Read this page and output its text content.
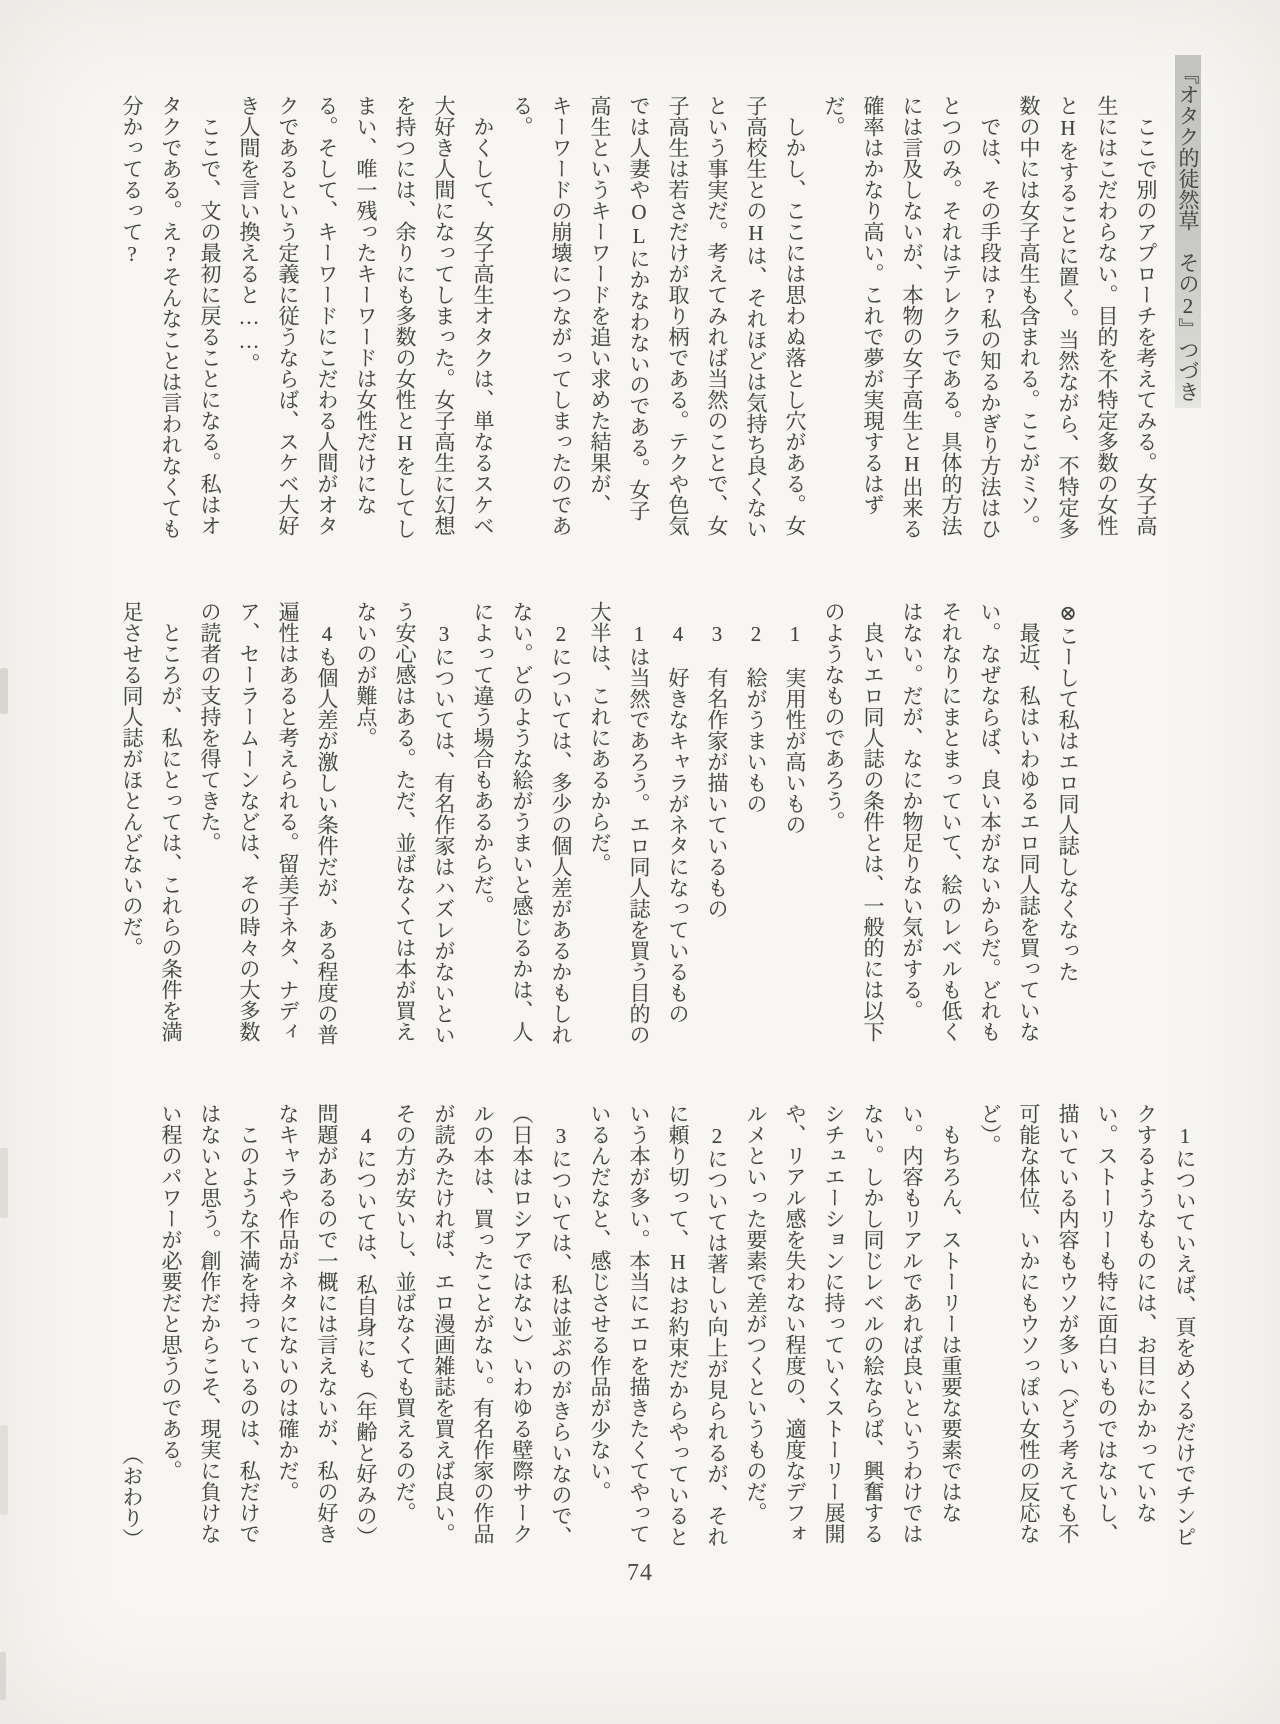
『オタク的徒然草　その2』つづき

ここで別のアプローチを考えてみる。女子高生にはこだわらない。目的を不特定多数の女性とHをすることに置く。当然ながら、不特定多数の中には女子高生も含まれる。ここがミソ。

では、その手段は?私の知るかぎり方法はひとつのみ。それはテレクラである。具体的方法には言及しないが、本物の女子高生とH出来る確率はかなり高い。これで夢が実現するはずだ。

しかし、ここには思わぬ落とし穴がある。女子高校生とのHは、それほどは気持ち良くないという事実だ。考えてみれば当然のことで、女子高生は若さだけが取り柄である。テクや色気では人妻やOLにかなわないのである。女子高生というキーワードを追い求めた結果が、キーワードの崩壊につながってしまったのである。

かくして、女子高生オタクは、単なるスケベ大好き人間になってしまった。女子高生に幻想を持つには、余りにも多数の女性とHをしてしまい、唯一残ったキーワードは女性だけになる。そして、キーワードにこだわる人間がオタクであるという定義に従うならば、スケベ大好き人間を言い換えると……。

ここで、文の最初に戻ることになる。私はオタクである。え?そんなことは言われなくても分かってるって?

⊗こーして私はエロ同人誌しなくなった

最近、私はいわゆるエロ同人誌を買っていない。なぜならば、良い本がないからだ。どれもそれなりにまとまっていて、絵のレベルも低くはない。だが、なにか物足りない気がする。

良いエロ同人誌の条件とは、一般的には以下のようなものであろう。

1　実用性が高いもの

2　絵がうまいもの

3　有名作家が描いているもの

4　好きなキャラがネタになっているもの

1は当然であろう。エロ同人誌を買う目的の大半は、これにあるからだ。

2については、多少の個人差があるかもしれない。どのような絵がうまいと感じるかは、人によって違う場合もあるからだ。

3については、有名作家はハズレがないという安心感はある。ただ、並ばなくては本が買えないのが難点。

4も個人差が激しい条件だが、ある程度の普遍性はあると考えられる。留美子ネタ、ナディア、セーラームーンなどは、その時々の大多数の読者の支持を得てきた。

ところが、私にとっては、これらの条件を満足させる同人誌がほとんどないのだ。

1についていえば、頁をめくるだけでチンピクするようなものには、お目にかかっていない。ストーリーも特に面白いものではないし、描いている内容もウソが多い（どう考えても不可能な体位、いかにもウソっぽい女性の反応など）。

もちろん、ストーリーは重要な要素ではない。内容もリアルであれば良いというわけではない。しかし同じレベルの絵ならば、興奮するシチュエーションに持っていくストーリー展開や、リアル感を失わない程度の、適度なデフォルメといった要素で差がつくというものだ。

2については著しい向上が見られるが、それに頼り切って、Hはお約束だからやっているという本が多い。本当にエロを描きたくてやっているんだなと、感じさせる作品が少ない。

3については、私は並ぶのがきらいなので、（日本はロシアではない）いわゆる壁際サークルの本は、買ったことがない。有名作家の作品が読みたければ、エロ漫画雑誌を買えば良い。その方が安いし、並ばなくても買えるのだ。

4については、私自身にも（年齢と好みの）問題があるので一概には言えないが、私の好きなキャラや作品がネタにないのは確かだ。

このような不満を持っているのは、私だけではないと思う。創作だからこそ、現実に負けない程のパワーが必要だと思うのである。

（おわり）

74
